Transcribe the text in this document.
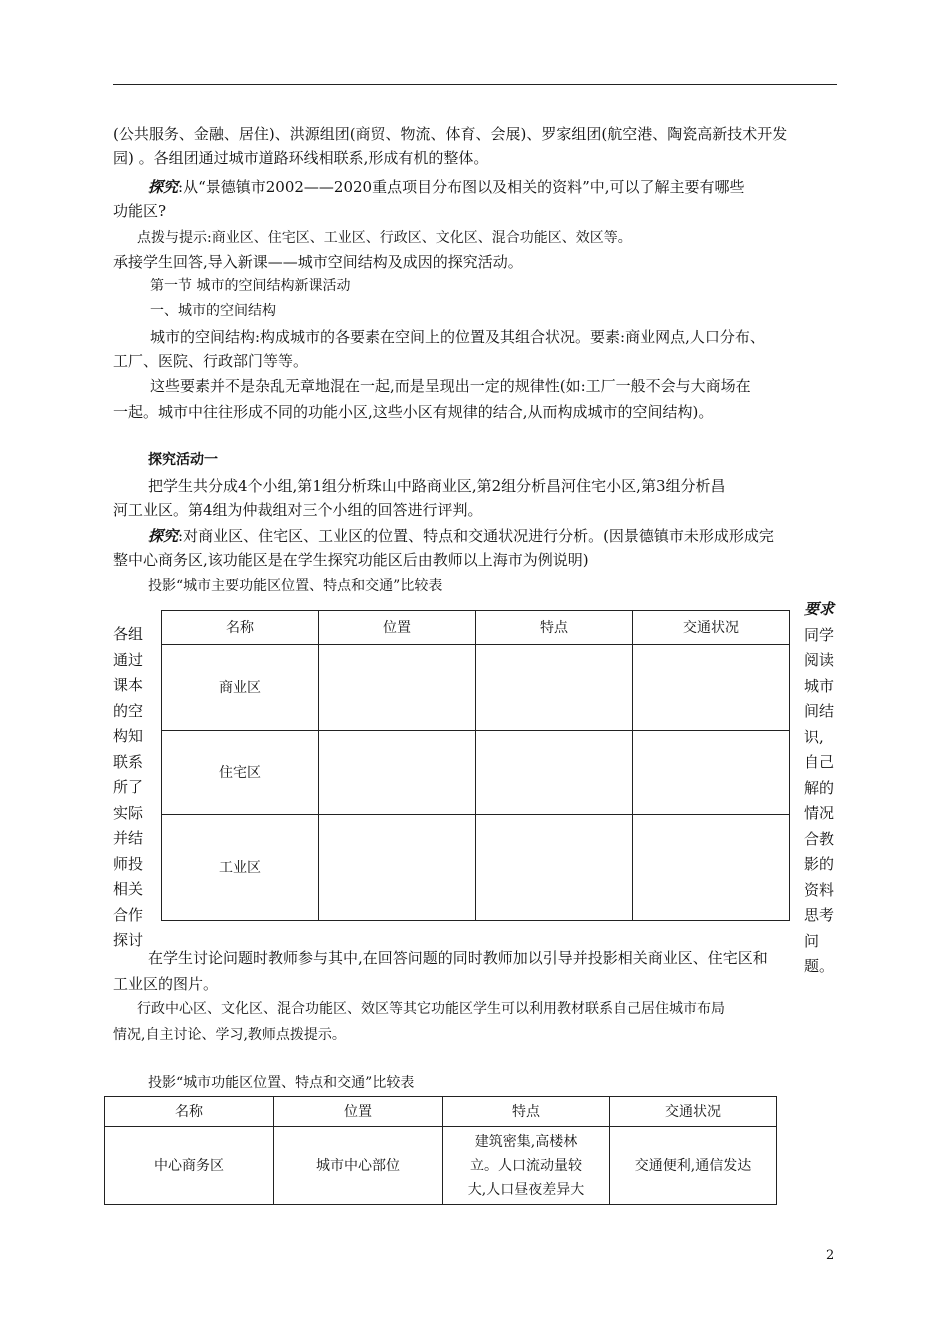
(公共服务、金融、居住)、洪源组团(商贸、物流、体育、会展)、罗家组团(航空港、陶瓷高新技术开发
园) 。各组团通过城市道路环线相联系,形成有机的整体。
探究:从“景德镇市2002——2020重点项目分布图以及相关的资料”中,可以了解主要有哪些
功能区?
点拨与提示:商业区、住宅区、工业区、行政区、文化区、混合功能区、效区等。
承接学生回答,导入新课——城市空间结构及成因的探究活动。
第一节 城市的空间结构新课活动
一、城市的空间结构
城市的空间结构:构成城市的各要素在空间上的位置及其组合状况。要素:商业网点,人口分布、
工厂、医院、行政部门等等。
这些要素并不是杂乱无章地混在一起,而是呈现出一定的规律性(如:工厂一般不会与大商场在
一起。城市中往往形成不同的功能小区,这些小区有规律的结合,从而构成城市的空间结构)。
探究活动一
把学生共分成4个小组,第1组分析珠山中路商业区,第2组分析昌河住宅小区,第3组分析昌
河工业区。第4组为仲裁组对三个小组的回答进行评判。
探究:对商业区、住宅区、工业区的位置、特点和交通状况进行分析。(因景德镇市未形成形成完
整中心商务区,该功能区是在学生探究功能区后由教师以上海市为例说明)
投影“城市主要功能区位置、特点和交通”比较表
各组
通过
课本
的空
构知
联系
所了
实际
并结
师投
相关
合作
探讨
要求
同学
阅读
城市
间结
识,
自己
解的
情况
合教
影的
资料
思考
问题。
名称	位置	特点	交通状况
商业区			
住宅区			
工业区			
在学生讨论问题时教师参与其中,在回答问题的同时教师加以引导并投影相关商业区、住宅区和
工业区的图片。
行政中心区、文化区、混合功能区、效区等其它功能区学生可以利用教材联系自己居住城市布局
情况,自主讨论、学习,教师点拨提示。
投影“城市功能区位置、特点和交通”比较表
名称	位置	特点	交通状况
中心商务区	城市中心部位	建筑密集,高楼林
立。人口流动量较
大,人口昼夜差异大	交通便利,通信发达
2
